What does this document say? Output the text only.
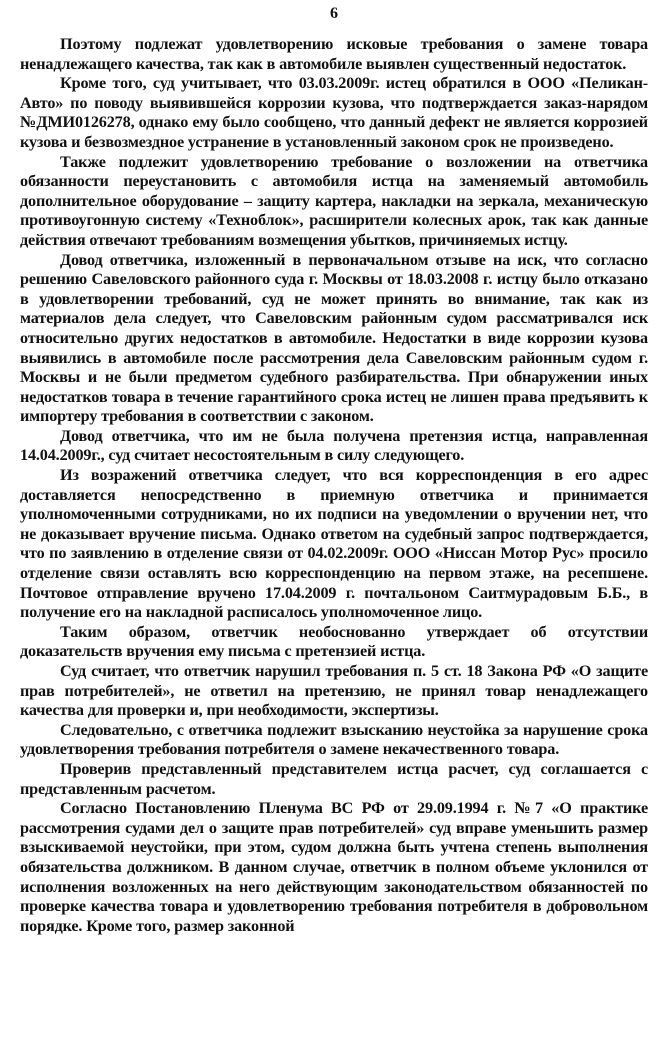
6

Поэтому подлежат удовлетворению исковые требования о замене товара ненадлежащего качества, так как в автомобиле выявлен существенный недостаток.

Кроме того, суд учитывает, что 03.03.2009г. истец обратился в ООО «Пеликан-Авто» по поводу выявившейся коррозии кузова, что подтверждается заказ-нарядом №ДМИ0126278, однако ему было сообщено, что данный дефект не является коррозией кузова и безвозмездное устранение в установленный законом срок не произведено.

Также подлежит удовлетворению требование о возложении на ответчика обязанности переустановить с автомобиля истца на заменяемый автомобиль дополнительное оборудование – защиту картера, накладки на зеркала, механическую противоугонную систему «Техноблок», расширители колесных арок, так как данные действия отвечают требованиям возмещения убытков, причиняемых истцу.

Довод ответчика, изложенный в первоначальном отзыве на иск, что согласно решению Савеловского районного суда г. Москвы от 18.03.2008 г. истцу было отказано в удовлетворении требований, суд не может принять во внимание, так как из материалов дела следует, что Савеловским районным судом рассматривался иск относительно других недостатков в автомобиле. Недостатки в виде коррозии кузова выявились в автомобиле после рассмотрения дела Савеловским районным судом г. Москвы и не были предметом судебного разбирательства. При обнаружении иных недостатков товара в течение гарантийного срока истец не лишен права предъявить к импортеру требования в соответствии с законом.

Довод ответчика, что им не была получена претензия истца, направленная 14.04.2009г., суд считает несостоятельным в силу следующего.

Из возражений ответчика следует, что вся корреспонденция в его адрес доставляется непосредственно в приемную ответчика и принимается уполномоченными сотрудниками, но их подписи на уведомлении о вручении нет, что не доказывает вручение письма. Однако ответом на судебный запрос подтверждается, что по заявлению в отделение связи от 04.02.2009г. ООО «Ниссан Мотор Рус» просило отделение связи оставлять всю корреспонденцию на первом этаже, на ресепшене. Почтовое отправление вручено 17.04.2009 г. почтальоном Саитмурадовым Б.Б., в получение его на накладной расписалось уполномоченное лицо.

Таким образом, ответчик необоснованно утверждает об отсутствии доказательств вручения ему письма с претензией истца.

Суд считает, что ответчик нарушил требования п. 5 ст. 18 Закона РФ «О защите прав потребителей», не ответил на претензию, не принял товар ненадлежащего качества для проверки и, при необходимости, экспертизы.

Следовательно, с ответчика подлежит взысканию неустойка за нарушение срока удовлетворения требования потребителя о замене некачественного товара.

Проверив представленный представителем истца расчет, суд соглашается с представленным расчетом.

Согласно Постановлению Пленума ВС РФ от 29.09.1994 г. №7 «О практике рассмотрения судами дел о защите прав потребителей» суд вправе уменьшить размер взыскиваемой неустойки, при этом, судом должна быть учтена степень выполнения обязательства должником. В данном случае, ответчик в полном объеме уклонился от исполнения возложенных на него действующим законодательством обязанностей по проверке качества товара и удовлетворению требования потребителя в добровольном порядке. Кроме того, размер законной
